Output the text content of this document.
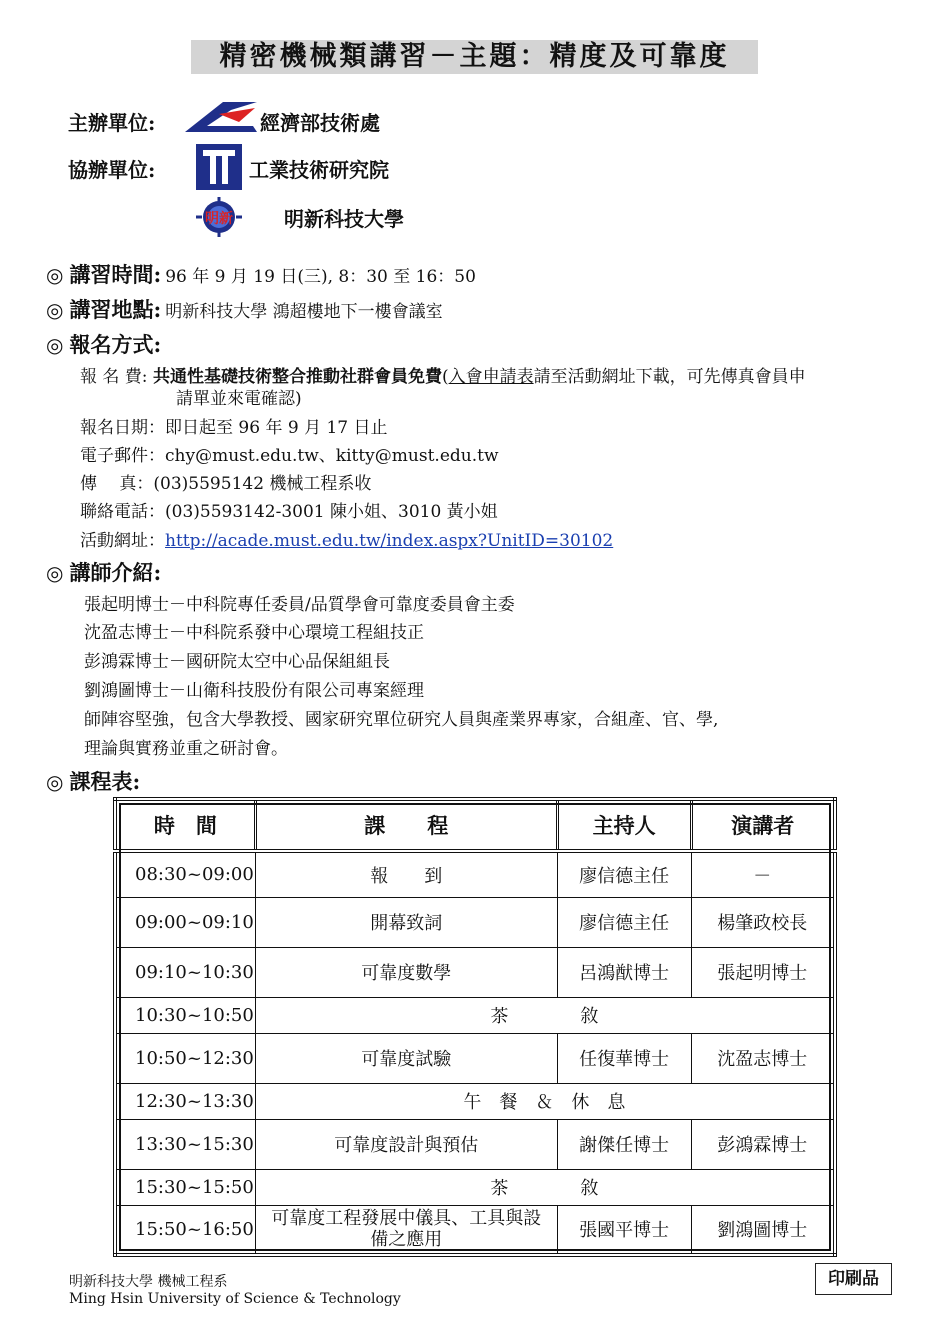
精密機械類講習－主題：精度及可靠度
主辦單位:	經濟部技術處
協辦單位:	工業技術研究院
明新	明新科技大學
◎ 講習時間: 96 年 9 月 19 日(三), 8：30 至 16：50
◎ 講習地點: 明新科技大學 鴻超樓地下一樓會議室
◎ 報名方式:
報 名 費: 共通性基礎技術整合推動社群會員免費(入會申請表請至活動網址下載，可先傳真會員申
請單並來電確認)
報名日期：即日起至 96 年 9 月 17 日止
電子郵件：chy@must.edu.tw、kitty@must.edu.tw
傳　 真：(03)5595142 機械工程系收
聯絡電話：(03)5593142-3001 陳小姐、3010 黃小姐
活動網址：http://acade.must.edu.tw/index.aspx?UnitID=30102
◎ 講師介紹:
張起明博士－中科院專任委員/品質學會可靠度委員會主委
沈盈志博士－中科院系發中心環境工程組技正
彭鴻霖博士－國研院太空中心品保組組長
劉鴻圖博士－山衛科技股份有限公司專案經理
師陣容堅強，包含大學教授、國家研究單位研究人員與產業界專家，合組產、官、學,
理論與實務並重之研討會。
◎ 課程表:
時　間	課　　程	主持人	演講者
08:30~09:00	報　　到	廖信德主任	－
09:00~09:10	開幕致詞	廖信德主任	楊肇政校長
09:10~10:30	可靠度數學	呂鴻猷博士	張起明博士
10:30~10:50	茶　　　　敘		
10:50~12:30	可靠度試驗	任復華博士	沈盈志博士
12:30~13:30	午　餐　＆　休　息		
13:30~15:30	可靠度設計與預估	謝傑任博士	彭鴻霖博士
15:30~15:50	茶　　　　敘		
15:50~16:50	可靠度工程發展中儀具、工具與設備之應用	張國平博士	劉鴻圖博士
明新科技大學 機械工程系
Ming Hsin University of Science & Technology
印刷品
